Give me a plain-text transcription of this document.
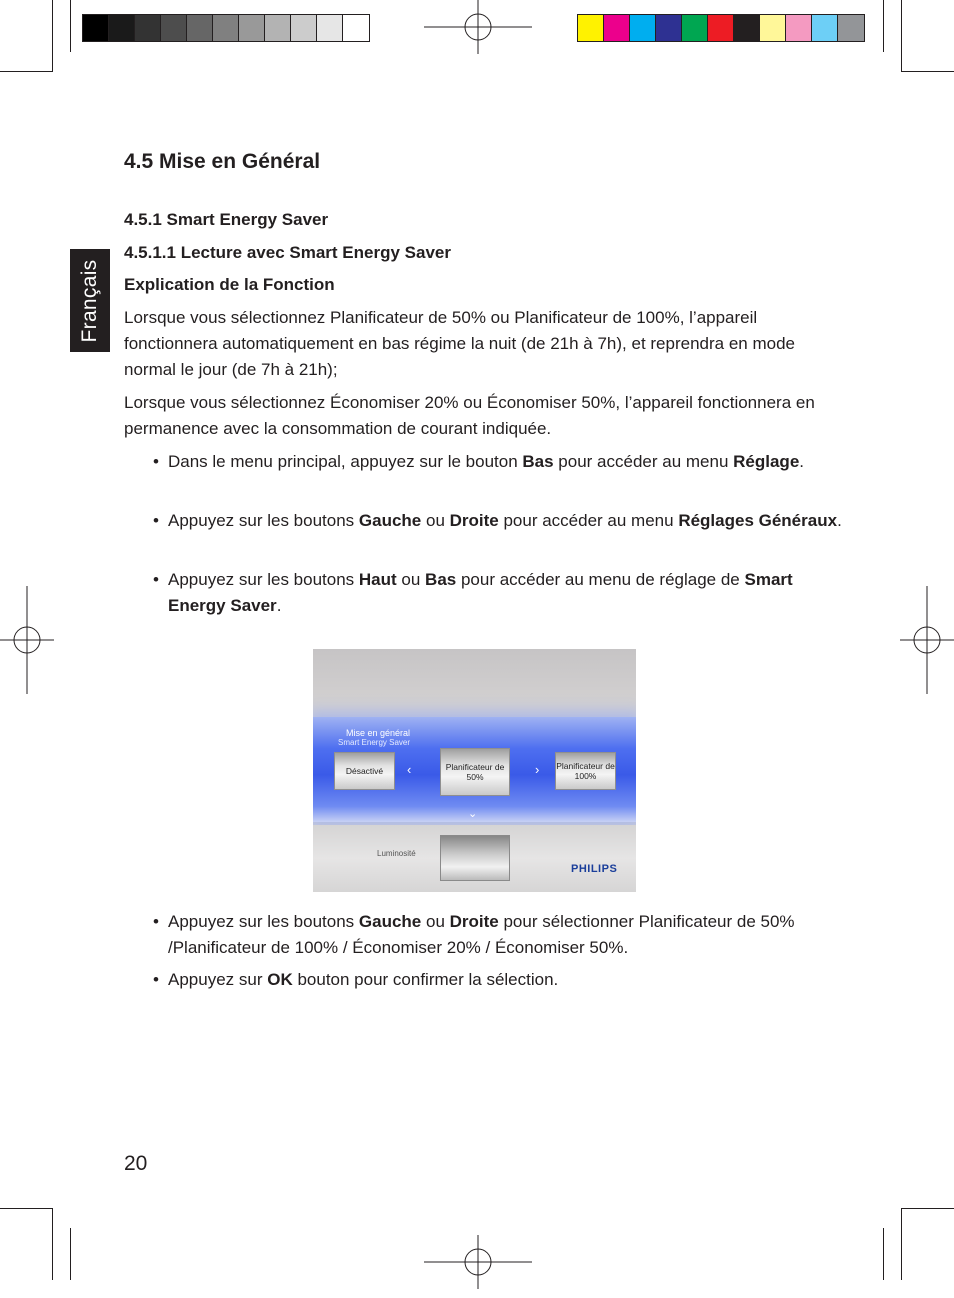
Français
4.5 Mise en Général
4.5.1 Smart Energy Saver
4.5.1.1 Lecture avec Smart Energy Saver
Explication de la Fonction
Lorsque vous sélectionnez Planificateur de 50% ou Planificateur de 100%, l’appareil fonctionnera automatiquement en bas régime la nuit (de 21h à 7h), et reprendra en mode normal le jour (de 7h à 21h);
Lorsque vous sélectionnez Économiser 20% ou Économiser 50%, l’appareil fonctionnera en permanence avec la consommation de courant indiquée.
• Dans le menu principal, appuyez sur le bouton Bas pour accéder au menu Réglage.
• Appuyez sur les boutons Gauche ou Droite pour accéder au menu Réglages Généraux.
• Appuyez sur les boutons Haut ou Bas pour accéder au menu de réglage de Smart Energy Saver.
Mise en général
Smart Energy Saver
Désactivé	‹	Planificateur de 50%	› Planificateur de 100%
⌄
Luminosité
PHILIPS
• Appuyez sur les boutons Gauche ou Droite pour sélectionner Planificateur de 50% /Planificateur de 100% / Économiser 20% / Économiser 50%.
• Appuyez sur OK bouton pour confirmer la sélection.
20
